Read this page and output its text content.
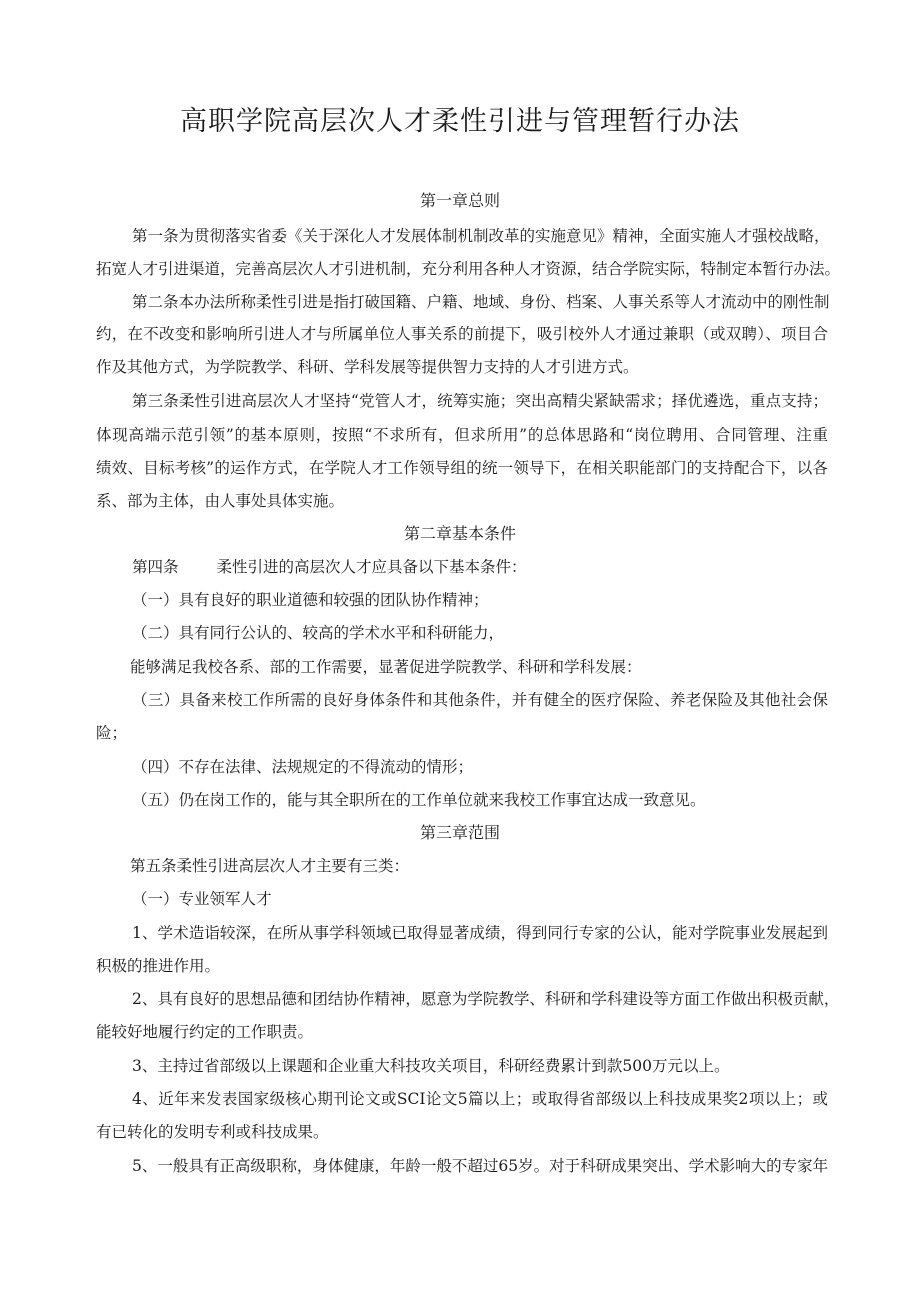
高职学院高层次人才柔性引进与管理暂行办法
第一章总则
第一条为贯彻落实省委《关于深化人才发展体制机制改革的实施意见》精神，全面实施人才强校战略，
拓宽人才引进渠道，完善高层次人才引进机制，充分利用各种人才资源，结合学院实际，特制定本暂行办法。
第二条本办法所称柔性引进是指打破国籍、户籍、地域、身份、档案、人事关系等人才流动中的刚性制
约，在不改变和影响所引进人才与所属单位人事关系的前提下，吸引校外人才通过兼职（或双聘）、项目合
作及其他方式，为学院教学、科研、学科发展等提供智力支持的人才引进方式。
第三条柔性引进高层次人才坚持“党管人才，统筹实施；突出高精尖紧缺需求；择优遴选，重点支持；
体现高端示范引领”的基本原则，按照“不求所有，但求所用”的总体思路和“岗位聘用、合同管理、注重
绩效、目标考核”的运作方式，在学院人才工作领导组的统一领导下，在相关职能部门的支持配合下，以各
系、部为主体，由人事处具体实施。
第二章基本条件
第四条 柔性引进的高层次人才应具备以下基本条件：
（一）具有良好的职业道德和较强的团队协作精神；
（二）具有同行公认的、较高的学术水平和科研能力，
能够满足我校各系、部的工作需要，显著促进学院教学、科研和学科发展：
（三）具备来校工作所需的良好身体条件和其他条件，并有健全的医疗保险、养老保险及其他社会保
险；
（四）不存在法律、法规规定的不得流动的情形；
（五）仍在岗工作的，能与其全职所在的工作单位就来我校工作事宜达成一致意见。
第三章范围
第五条柔性引进高层次人才主要有三类：
（一）专业领军人才
1、学术造诣较深，在所从事学科领域已取得显著成绩，得到同行专家的公认，能对学院事业发展起到
积极的推进作用。
2、具有良好的思想品德和团结协作精神，愿意为学院教学、科研和学科建设等方面工作做出积极贡献，
能较好地履行约定的工作职责。
3、主持过省部级以上课题和企业重大科技攻关项目，科研经费累计到款500万元以上。
4、近年来发表国家级核心期刊论文或SCI论文5篇以上；或取得省部级以上科技成果奖2项以上；或
有已转化的发明专利或科技成果。
5、一般具有正高级职称，身体健康，年龄一般不超过65岁。对于科研成果突出、学术影响大的专家年
